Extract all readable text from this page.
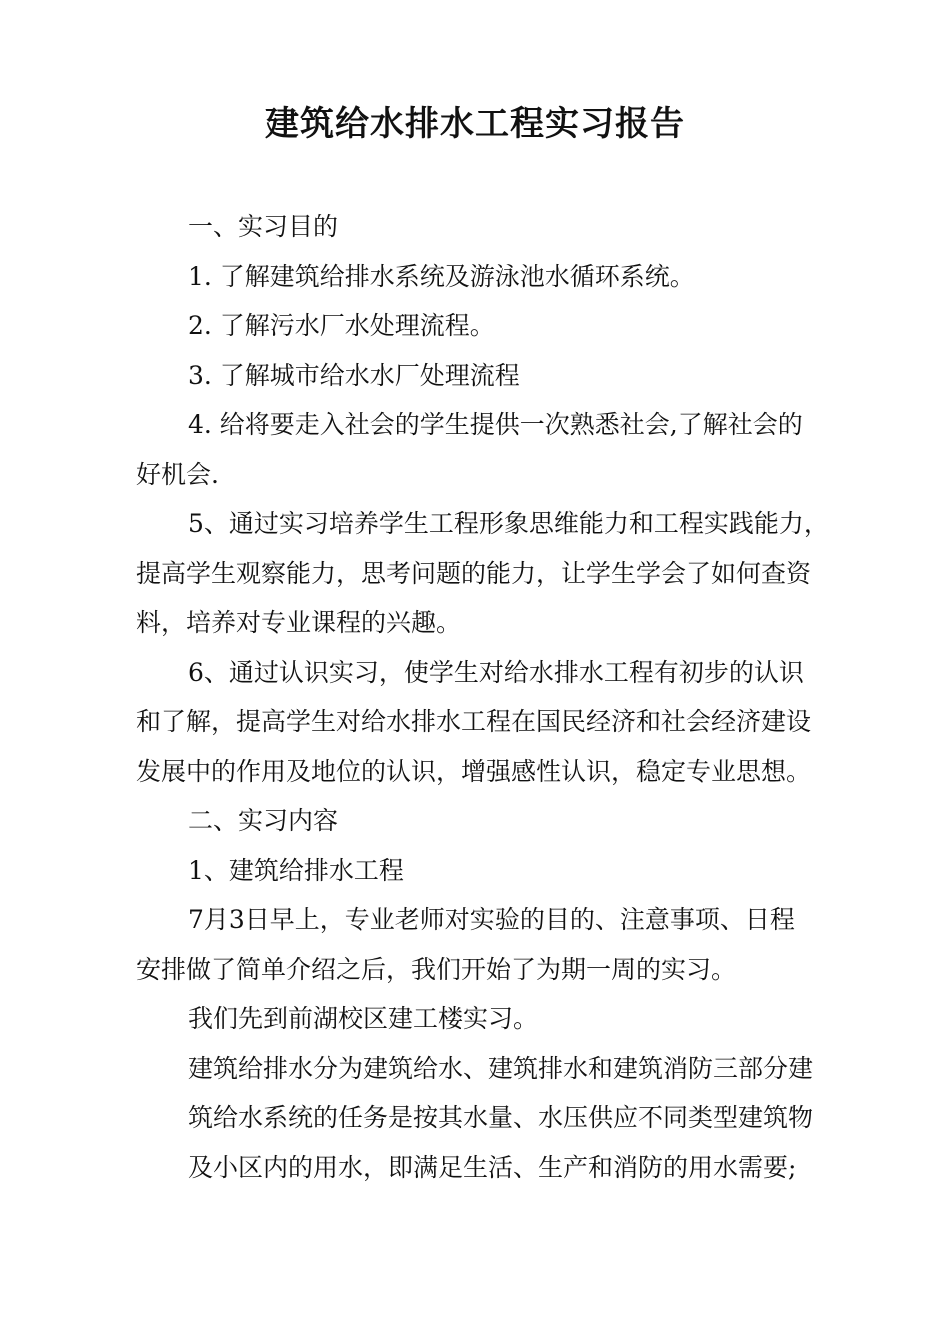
建筑给水排水工程实习报告
一、实习目的
1. 了解建筑给排水系统及游泳池水循环系统。
2. 了解污水厂水处理流程。
3. 了解城市给水水厂处理流程
4. 给将要走入社会的学生提供一次熟悉社会,了解社会的
好机会.
5、通过实习培养学生工程形象思维能力和工程实践能力，
提高学生观察能力，思考问题的能力，让学生学会了如何查资
料，培养对专业课程的兴趣。
6、通过认识实习，使学生对给水排水工程有初步的认识
和了解，提高学生对给水排水工程在国民经济和社会经济建设
发展中的作用及地位的认识，增强感性认识，稳定专业思想。
二、实习内容
1、建筑给排水工程
7月3日早上，专业老师对实验的目的、注意事项、日程
安排做了简单介绍之后，我们开始了为期一周的实习。
我们先到前湖校区建工楼实习。
建筑给排水分为建筑给水、建筑排水和建筑消防三部分建
筑给水系统的任务是按其水量、水压供应不同类型建筑物
及小区内的用水，即满足生活、生产和消防的用水需要;
